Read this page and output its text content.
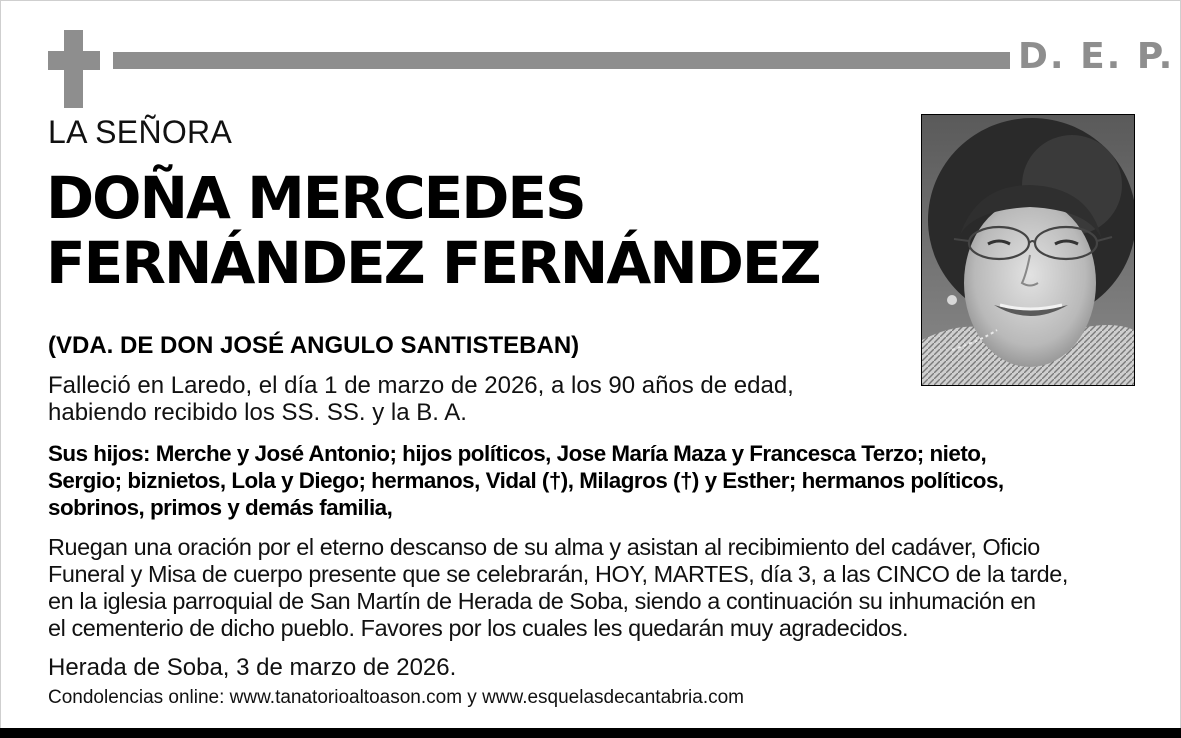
D. E. P.
LA SEÑORA
DOÑA MERCEDES
FERNÁNDEZ FERNÁNDEZ
(VDA. DE DON JOSÉ ANGULO SANTISTEBAN)
Falleció en Laredo, el día 1 de marzo de 2026, a los 90 años de edad,
habiendo recibido los SS. SS. y la B. A.
Sus hijos: Merche y José Antonio; hijos políticos, Jose María Maza y Francesca Terzo; nieto,
Sergio; biznietos, Lola y Diego; hermanos, Vidal (†), Milagros (†) y Esther; hermanos políticos,
sobrinos, primos y demás familia,
Ruegan una oración por el eterno descanso de su alma y asistan al recibimiento del cadáver, Oficio
Funeral y Misa de cuerpo presente que se celebrarán, HOY, MARTES, día 3, a las CINCO de la tarde,
en la iglesia parroquial de San Martín de Herada de Soba, siendo a continuación su inhumación en
el cementerio de dicho pueblo. Favores por los cuales les quedarán muy agradecidos.
Herada de Soba, 3 de marzo de 2026.
Condolencias online: www.tanatorioaltoason.com y www.esquelasdecantabria.com
